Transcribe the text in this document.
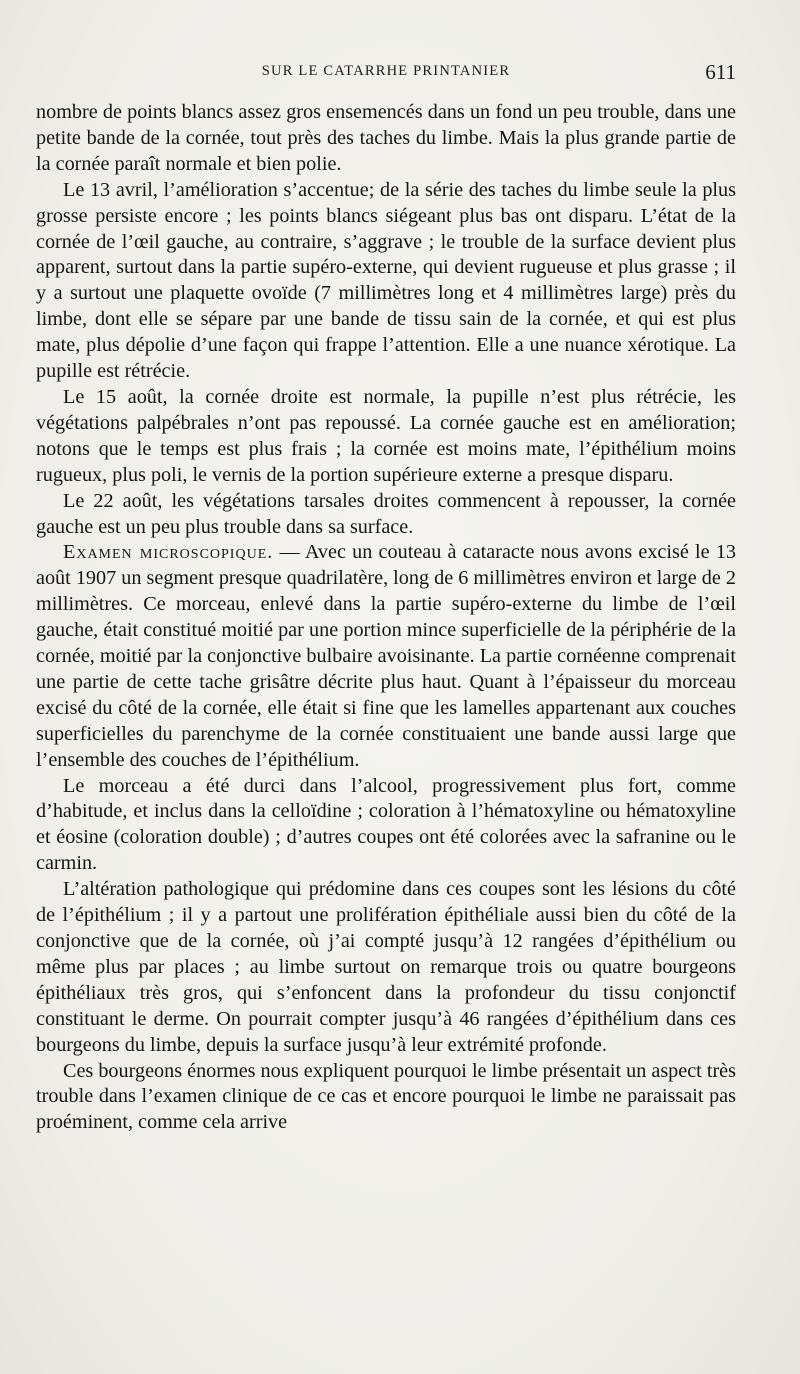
SUR LE CATARRHE PRINTANIER	611

nombre de points blancs assez gros ensemencés dans un fond un peu trouble, dans une petite bande de la cornée, tout près des taches du limbe. Mais la plus grande partie de la cornée paraît normale et bien polie.

Le 13 avril, l’amélioration s’accentue; de la série des taches du limbe seule la plus grosse persiste encore ; les points blancs siégeant plus bas ont disparu. L’état de la cornée de l’œil gauche, au contraire, s’aggrave ; le trouble de la surface devient plus apparent, surtout dans la partie supéro-externe, qui devient rugueuse et plus grasse ; il y a surtout une plaquette ovoïde (7 millimètres long et 4 millimètres large) près du limbe, dont elle se sépare par une bande de tissu sain de la cornée, et qui est plus mate, plus dépolie d’une façon qui frappe l’attention. Elle a une nuance xérotique. La pupille est rétrécie.

Le 15 août, la cornée droite est normale, la pupille n’est plus rétrécie, les végétations palpébrales n’ont pas repoussé. La cornée gauche est en amélioration; notons que le temps est plus frais ; la cornée est moins mate, l’épithélium moins rugueux, plus poli, le vernis de la portion supérieure externe a presque disparu.

Le 22 août, les végétations tarsales droites commencent à repousser, la cornée gauche est un peu plus trouble dans sa surface.

Examen microscopique. — Avec un couteau à cataracte nous avons excisé le 13 août 1907 un segment presque quadrilatère, long de 6 millimètres environ et large de 2 millimètres. Ce morceau, enlevé dans la partie supéro-externe du limbe de l’œil gauche, était constitué moitié par une portion mince superficielle de la périphérie de la cornée, moitié par la conjonctive bulbaire avoisinante. La partie cornéenne comprenait une partie de cette tache grisâtre décrite plus haut. Quant à l’épaisseur du morceau excisé du côté de la cornée, elle était si fine que les lamelles appartenant aux couches superficielles du parenchyme de la cornée constituaient une bande aussi large que l’ensemble des couches de l’épithélium.

Le morceau a été durci dans l’alcool, progressivement plus fort, comme d’habitude, et inclus dans la celloïdine ; coloration à l’hématoxyline ou hématoxyline et éosine (coloration double) ; d’autres coupes ont été colorées avec la safranine ou le carmin.

L’altération pathologique qui prédomine dans ces coupes sont les lésions du côté de l’épithélium ; il y a partout une prolifération épithéliale aussi bien du côté de la conjonctive que de la cornée, où j’ai compté jusqu’à 12 rangées d’épithélium ou même plus par places ; au limbe surtout on remarque trois ou quatre bourgeons épithéliaux très gros, qui s’enfoncent dans la profondeur du tissu conjonctif constituant le derme. On pourrait compter jusqu’à 46 rangées d’épithélium dans ces bourgeons du limbe, depuis la surface jusqu’à leur extrémité profonde.

Ces bourgeons énormes nous expliquent pourquoi le limbe présentait un aspect très trouble dans l’examen clinique de ce cas et encore pourquoi le limbe ne paraissait pas proéminent, comme cela arrive
